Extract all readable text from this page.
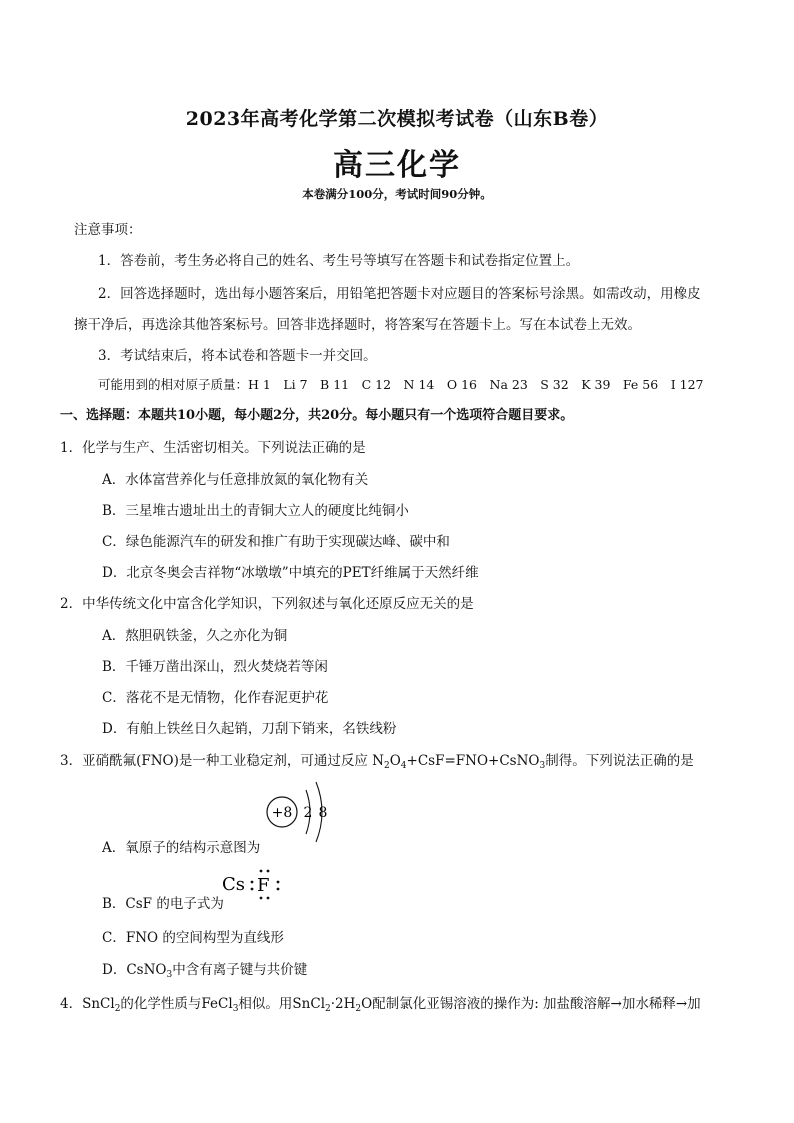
2023年高考化学第二次模拟考试卷（山东B卷）
高三化学
本卷满分100分，考试时间90分钟。
注意事项：
1．答卷前，考生务必将自己的姓名、考生号等填写在答题卡和试卷指定位置上。
2．回答选择题时，选出每小题答案后，用铅笔把答题卡对应题目的答案标号涂黑。如需改动，用橡皮
擦干净后，再选涂其他答案标号。回答非选择题时，将答案写在答题卡上。写在本试卷上无效。
3．考试结束后，将本试卷和答题卡一并交回。
可能用到的相对原子质量：H 1　Li 7　B 11　C 12　N 14　O 16　Na 23　S 32　K 39　Fe 56　I 127
一、选择题：本题共10小题，每小题2分，共20分。每小题只有一个选项符合题目要求。
1．化学与生产、生活密切相关。下列说法正确的是
A．水体富营养化与任意排放氮的氧化物有关
B．三星堆古遗址出土的青铜大立人的硬度比纯铜小
C．绿色能源汽车的研发和推广有助于实现碳达峰、碳中和
D．北京冬奥会吉祥物“冰墩墩”中填充的PET纤维属于天然纤维
2．中华传统文化中富含化学知识，下列叙述与氧化还原反应无关的是
A．熬胆矾铁釜，久之亦化为铜
B．千锤万凿出深山，烈火焚烧若等闲
C．落花不是无情物，化作春泥更护花
D．有舶上铁丝日久起销，刀刮下销来，名铁线粉
3．亚硝酰氟(FNO)是一种工业稳定剂，可通过反应 $N_2O_4+CsF=FNO+CsNO_3$制得。下列说法正确的是
+8 2 8
A．氧原子的结构示意图为
Cs F
B．CsF 的电子式为
C．FNO 的空间构型为直线形
D．CsNO$_3$中含有离子键与共价键
4．SnCl$_2$的化学性质与FeCl$_3$相似。用$SnCl_2\cdot 2H_2O$配制氯化亚锡溶液的操作为: 加盐酸溶解→加水稀释→加
